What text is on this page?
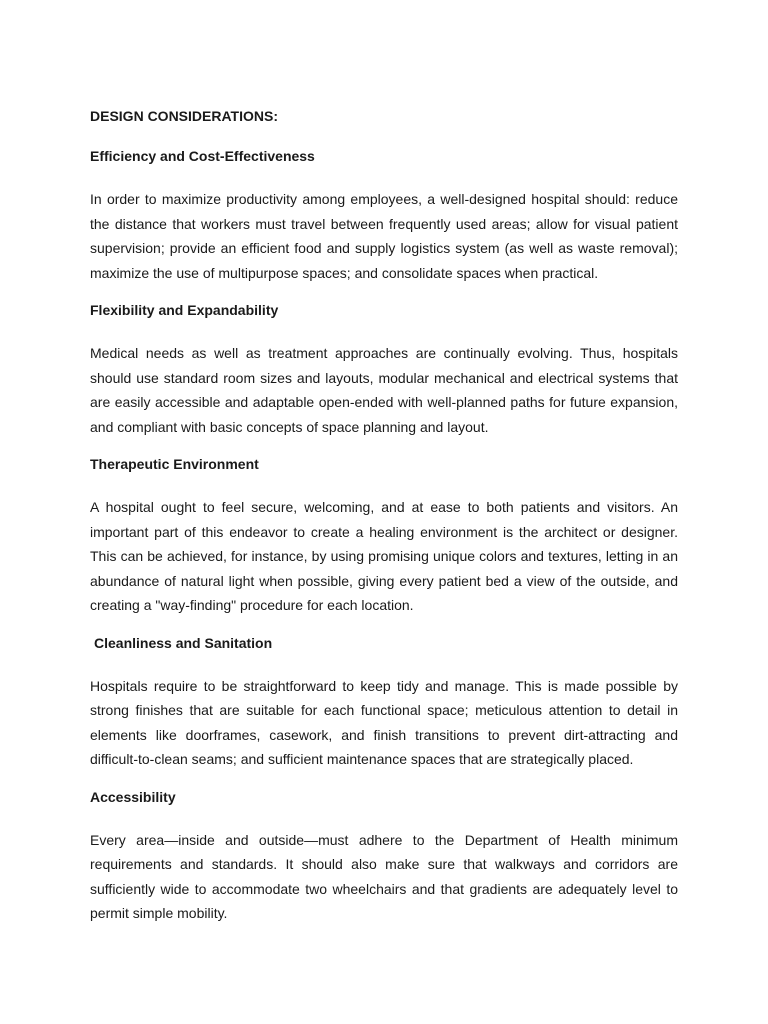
DESIGN CONSIDERATIONS:
Efficiency and Cost-Effectiveness

In order to maximize productivity among employees, a well-designed hospital should: reduce the distance that workers must travel between frequently used areas; allow for visual patient supervision; provide an efficient food and supply logistics system (as well as waste removal); maximize the use of multipurpose spaces; and consolidate spaces when practical.

Flexibility and Expandability

Medical needs as well as treatment approaches are continually evolving. Thus, hospitals should use standard room sizes and layouts, modular mechanical and electrical systems that are easily accessible and adaptable open-ended with well-planned paths for future expansion, and compliant with basic concepts of space planning and layout.

Therapeutic Environment

A hospital ought to feel secure, welcoming, and at ease to both patients and visitors. An important part of this endeavor to create a healing environment is the architect or designer. This can be achieved, for instance, by using promising unique colors and textures, letting in an abundance of natural light when possible, giving every patient bed a view of the outside, and creating a "way-finding" procedure for each location.

Cleanliness and Sanitation

Hospitals require to be straightforward to keep tidy and manage. This is made possible by strong finishes that are suitable for each functional space; meticulous attention to detail in elements like doorframes, casework, and finish transitions to prevent dirt-attracting and difficult-to-clean seams; and sufficient maintenance spaces that are strategically placed.

Accessibility

Every area—inside and outside—must adhere to the Department of Health minimum requirements and standards. It should also make sure that walkways and corridors are sufficiently wide to accommodate two wheelchairs and that gradients are adequately level to permit simple mobility.
